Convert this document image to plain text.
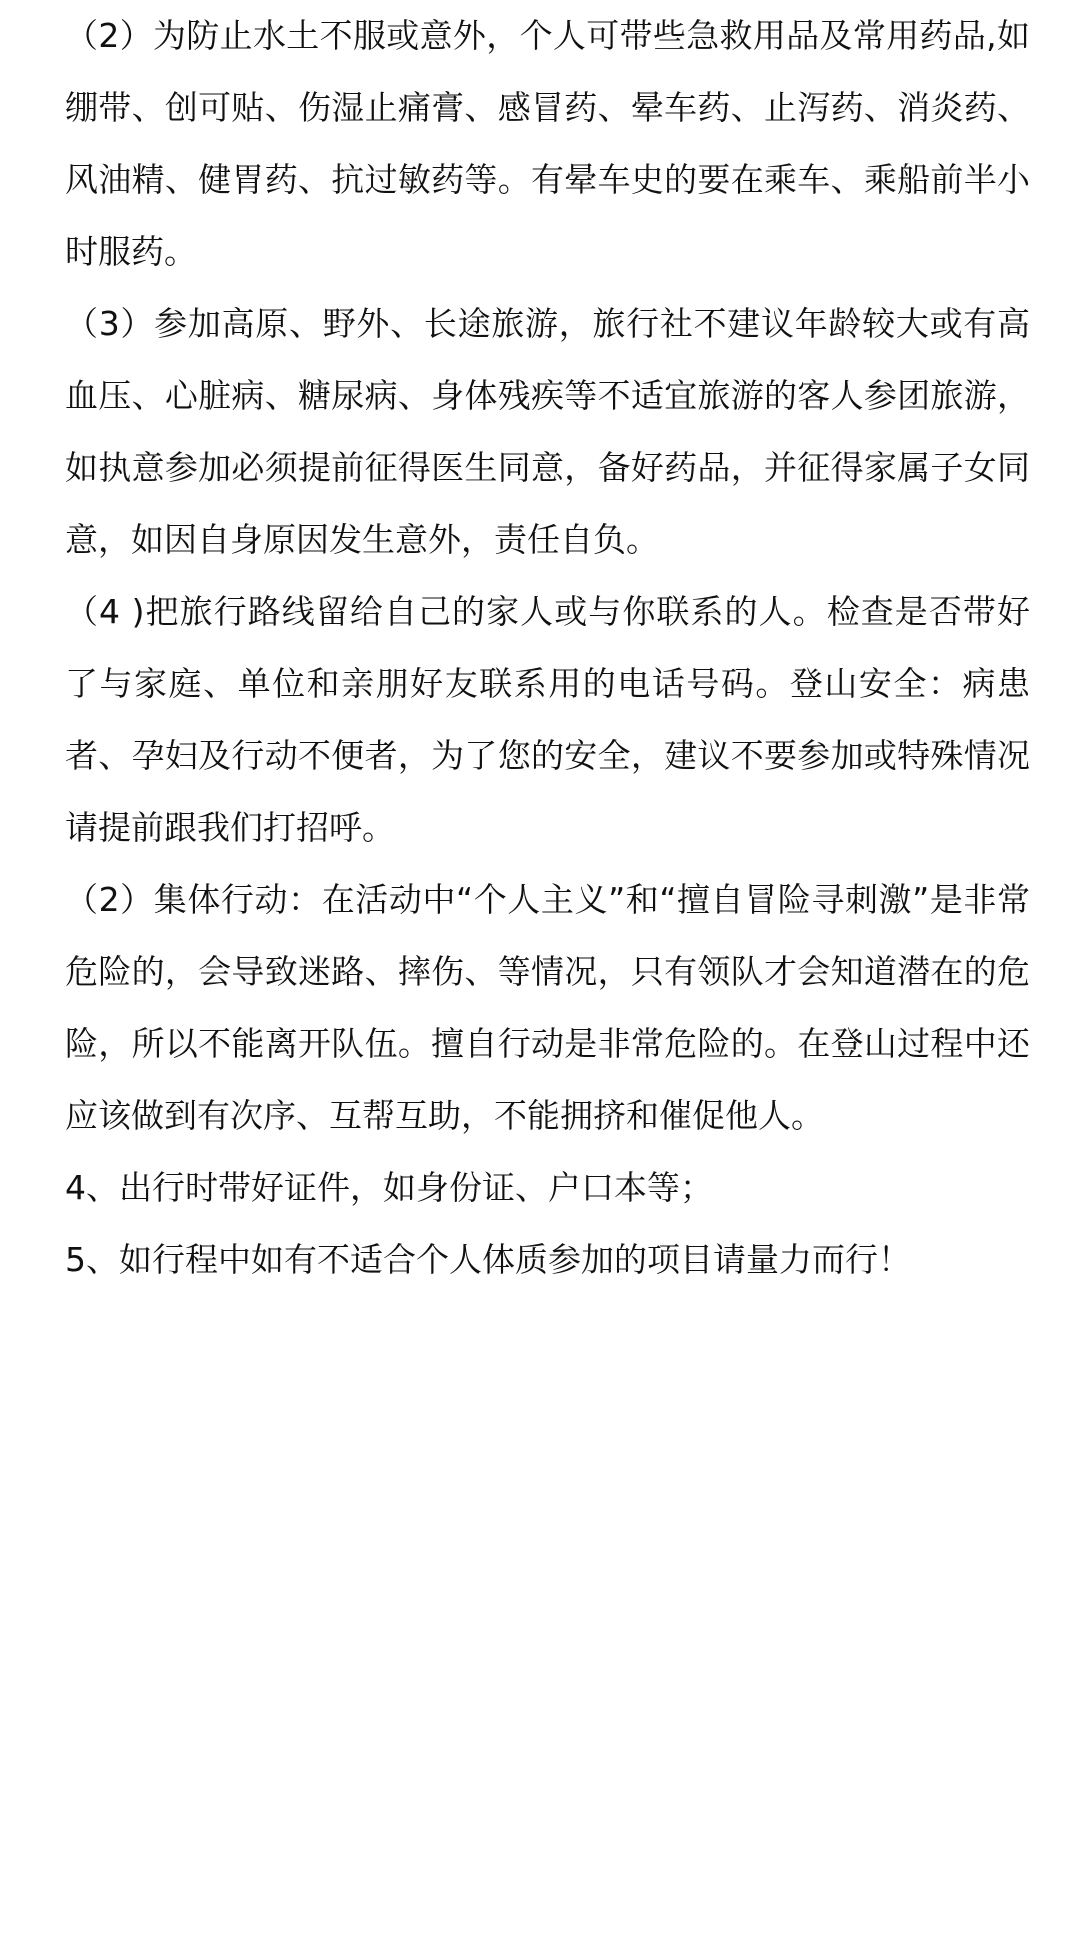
（2）为防止水土不服或意外，个人可带些急救用品及常用药品,如绷带、创可贴、伤湿止痛膏、感冒药、晕车药、止泻药、消炎药、风油精、健胃药、抗过敏药等。有晕车史的要在乘车、乘船前半小时服药。

（3）参加高原、野外、长途旅游，旅行社不建议年龄较大或有高血压、心脏病、糖尿病、身体残疾等不适宜旅游的客人参团旅游，如执意参加必须提前征得医生同意，备好药品，并征得家属子女同意，如因自身原因发生意外，责任自负。

（4 )把旅行路线留给自己的家人或与你联系的人。检查是否带好了与家庭、单位和亲朋好友联系用的电话号码。登山安全：病患者、孕妇及行动不便者，为了您的安全，建议不要参加或特殊情况请提前跟我们打招呼。

（2）集体行动：在活动中“个人主义”和“擅自冒险寻刺激”是非常危险的，会导致迷路、摔伤、等情况，只有领队才会知道潜在的危险，所以不能离开队伍。擅自行动是非常危险的。在登山过程中还应该做到有次序、互帮互助，不能拥挤和催促他人。

4、出行时带好证件，如身份证、户口本等；

5、如行程中如有不适合个人体质参加的项目请量力而行！
